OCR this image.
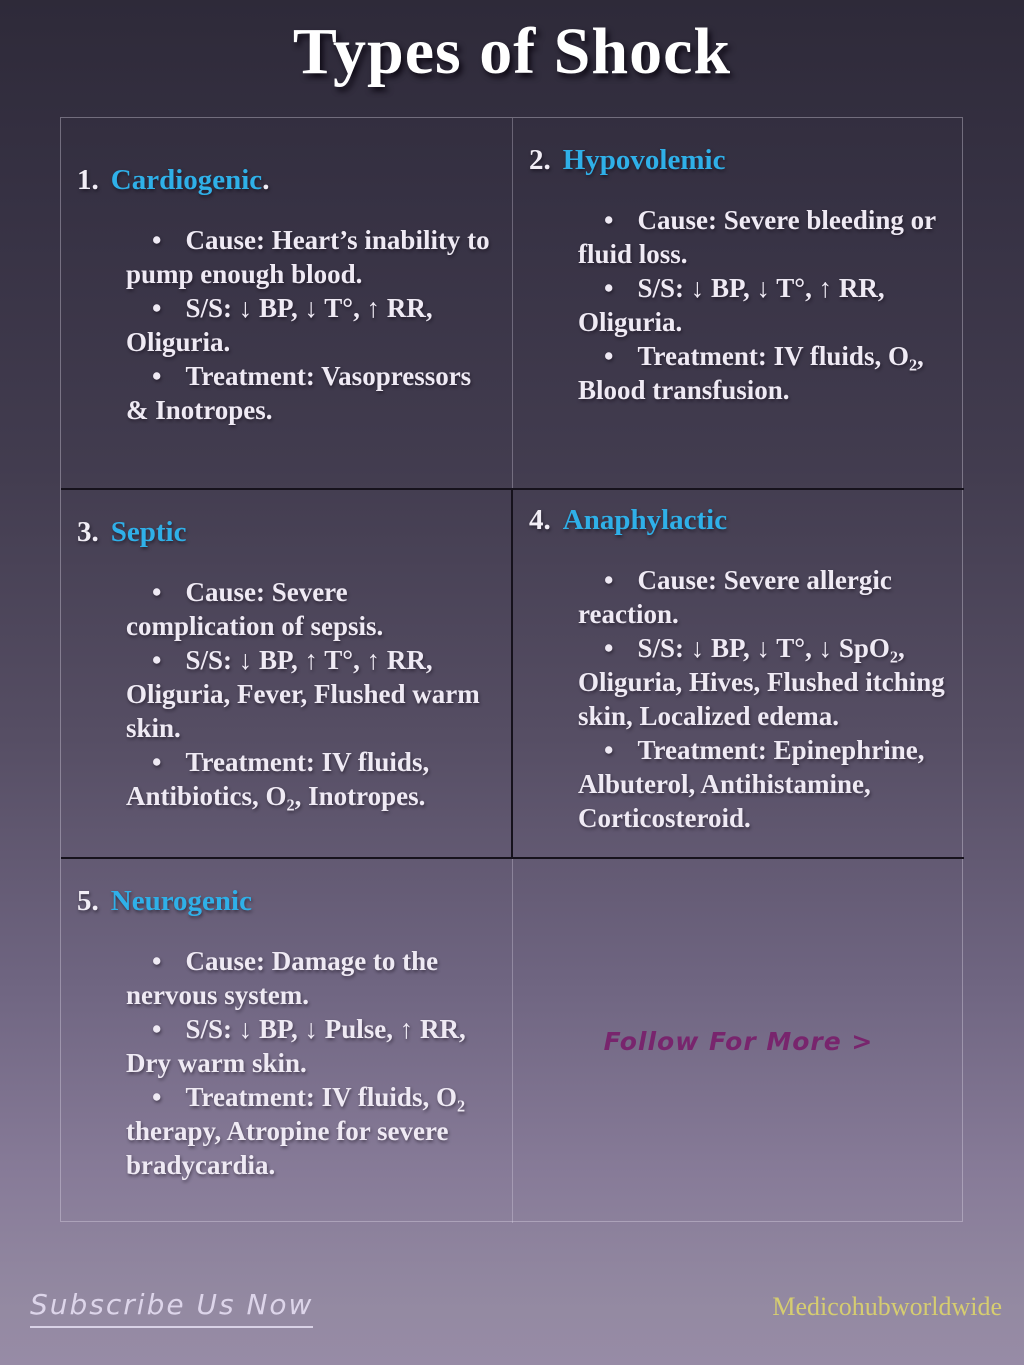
Types of Shock
1. Cardiogenic.

• Cause: Heart’s inability to pump enough blood.

• S/S: ↓ BP, ↓ T°, ↑ RR, Oliguria.

• Treatment: Vasopressors & Inotropes.

2. Hypovolemic

• Cause: Severe bleeding or fluid loss.

• S/S: ↓ BP, ↓ T°, ↑ RR, Oliguria.

• Treatment: IV fluids, O₂, Blood transfusion.

3. Septic

• Cause: Severe complication of sepsis.

• S/S: ↓ BP, ↑ T°, ↑ RR, Oliguria, Fever, Flushed warm skin.

• Treatment: IV fluids, Antibiotics, O₂, Inotropes.

4. Anaphylactic

• Cause: Severe allergic reaction.

• S/S: ↓ BP, ↓ T°, ↓ SpO₂, Oliguria, Hives, Flushed itching skin, Localized edema.

• Treatment: Epinephrine, Albuterol, Antihistamine, Corticosteroid.

5. Neurogenic

• Cause: Damage to the nervous system.

• S/S: ↓ BP, ↓ Pulse, ↑ RR, Dry warm skin.

• Treatment: IV fluids, O₂ therapy, Atropine for severe bradycardia.

Follow For More >
Subscribe Us Now	Medicohubworldwide
